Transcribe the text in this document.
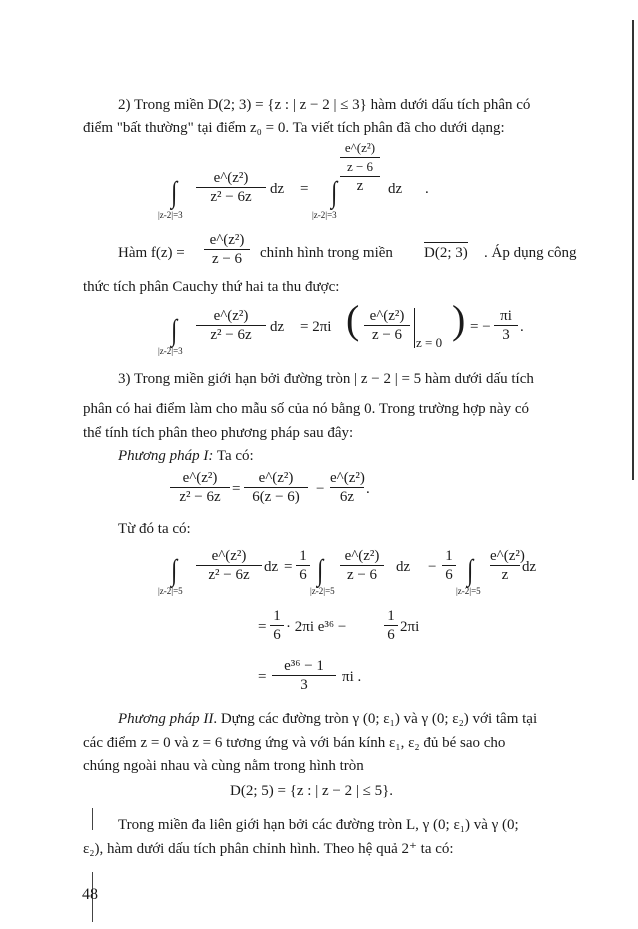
2) Trong miền D(2; 3) = {z : | z − 2 | ≤ 3} hàm dưới dấu tích phân có
điểm "bất thường" tại điểm z₀ = 0. Ta viết tích phân đã cho dưới dạng:
∫
|z-2|=3
e^(z²)
z² − 6z	dz = ∫
|z-2|=3
e^(z²)
z − 6
z	dz .
Hàm f(z) =
e^(z²)
z − 6	chỉnh hình trong miền D(2; 3) . Áp dụng công
thức tích phân Cauchy thứ hai ta thu được:
∫
|z-2|=3
e^(z²)
z² − 6z	dz = 2πi ( e^(z²)
z − 6	z = 0
) = −
πi
3 .
3) Trong miền giới hạn bởi đường tròn | z − 2 | = 5 hàm dưới dấu tích
phân có hai điểm làm cho mẫu số của nó bằng 0. Trong trường hợp này có
thể tính tích phân theo phương pháp sau đây:
Phương pháp I: Ta có:
e^(z²)
z² − 6z =
e^(z²)
6(z − 6)	−
e^(z²)
6z .
Từ đó ta có:
∫
|z-2|=5
e^(z²)
z² − 6z dz =
1
6 ∫
|z-2|=5
e^(z²)
z − 6	dz −
1
6 ∫
|z-2|=5
e^(z²)
z dz
=
1
6 · 2πi e³⁶ −
1
6 2πi
=
e³⁶ − 1
3	πi .
Phương pháp II. Dựng các đường tròn γ (0; ε₁) và γ (0; ε₂) với tâm tại
các điểm z = 0 và z = 6 tương ứng và với bán kính ε₁, ε₂ đủ bé sao cho
chúng ngoài nhau và cùng nằm trong hình tròn
D(2; 5) = {z : | z − 2 | ≤ 5}.
Trong miền đa liên giới hạn bởi các đường tròn L, γ (0; ε₁) và γ (0;
ε₂), hàm dưới dấu tích phân chỉnh hình. Theo hệ quả 2⁺ ta có:
48
